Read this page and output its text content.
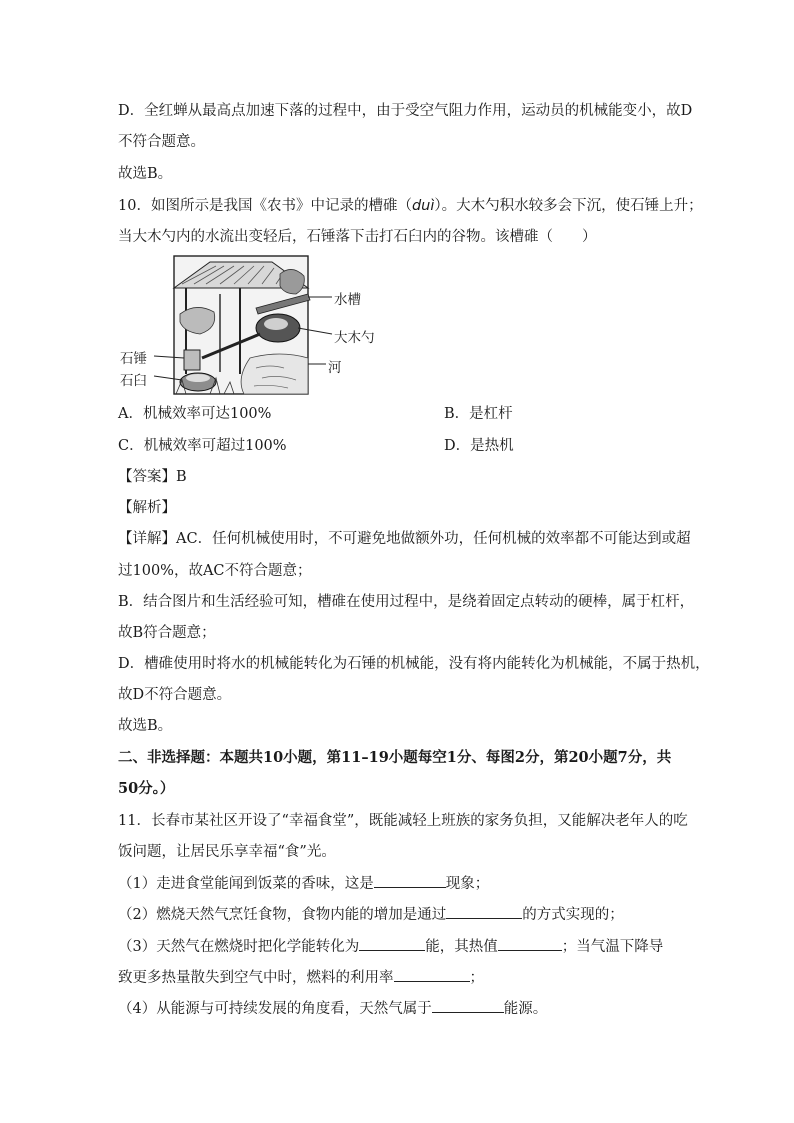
D．全红蝉从最高点加速下落的过程中，由于受空气阻力作用，运动员的机械能变小，故D
不符合题意。
故选B。
10．如图所示是我国《农书》中记录的槽碓（duì）。大木勺积水较多会下沉，使石锤上升；
当大木勺内的水流出变轻后，石锤落下击打石臼内的谷物。该槽碓（　　）
水槽
大木勺
河
石锤
石臼
A．机械效率可达100%	B．是杠杆
C．机械效率可超过100%	D．是热机
【答案】B
【解析】
【详解】AC．任何机械使用时，不可避免地做额外功，任何机械的效率都不可能达到或超
过100%，故AC不符合题意；
B．结合图片和生活经验可知，槽碓在使用过程中，是绕着固定点转动的硬棒，属于杠杆，
故B符合题意；
D．槽碓使用时将水的机械能转化为石锤的机械能，没有将内能转化为机械能，不属于热机，
故D不符合题意。
故选B。
二、非选择题：本题共10小题，第11–19小题每空1分、每图2分，第20小题7分，共
50分。）
11．长春市某社区开设了“幸福食堂”，既能减轻上班族的家务负担，又能解决老年人的吃
饭问题，让居民乐享幸福“食”光。
（1）走进食堂能闻到饭菜的香味，这是	现象；
（2）燃烧天然气烹饪食物，食物内能的增加是通过	的方式实现的；
（3）天然气在燃烧时把化学能转化为	能，其热值	；当气温下降导
致更多热量散失到空气中时，燃料的利用率	；
（4）从能源与可持续发展的角度看，天然气属于	能源。
